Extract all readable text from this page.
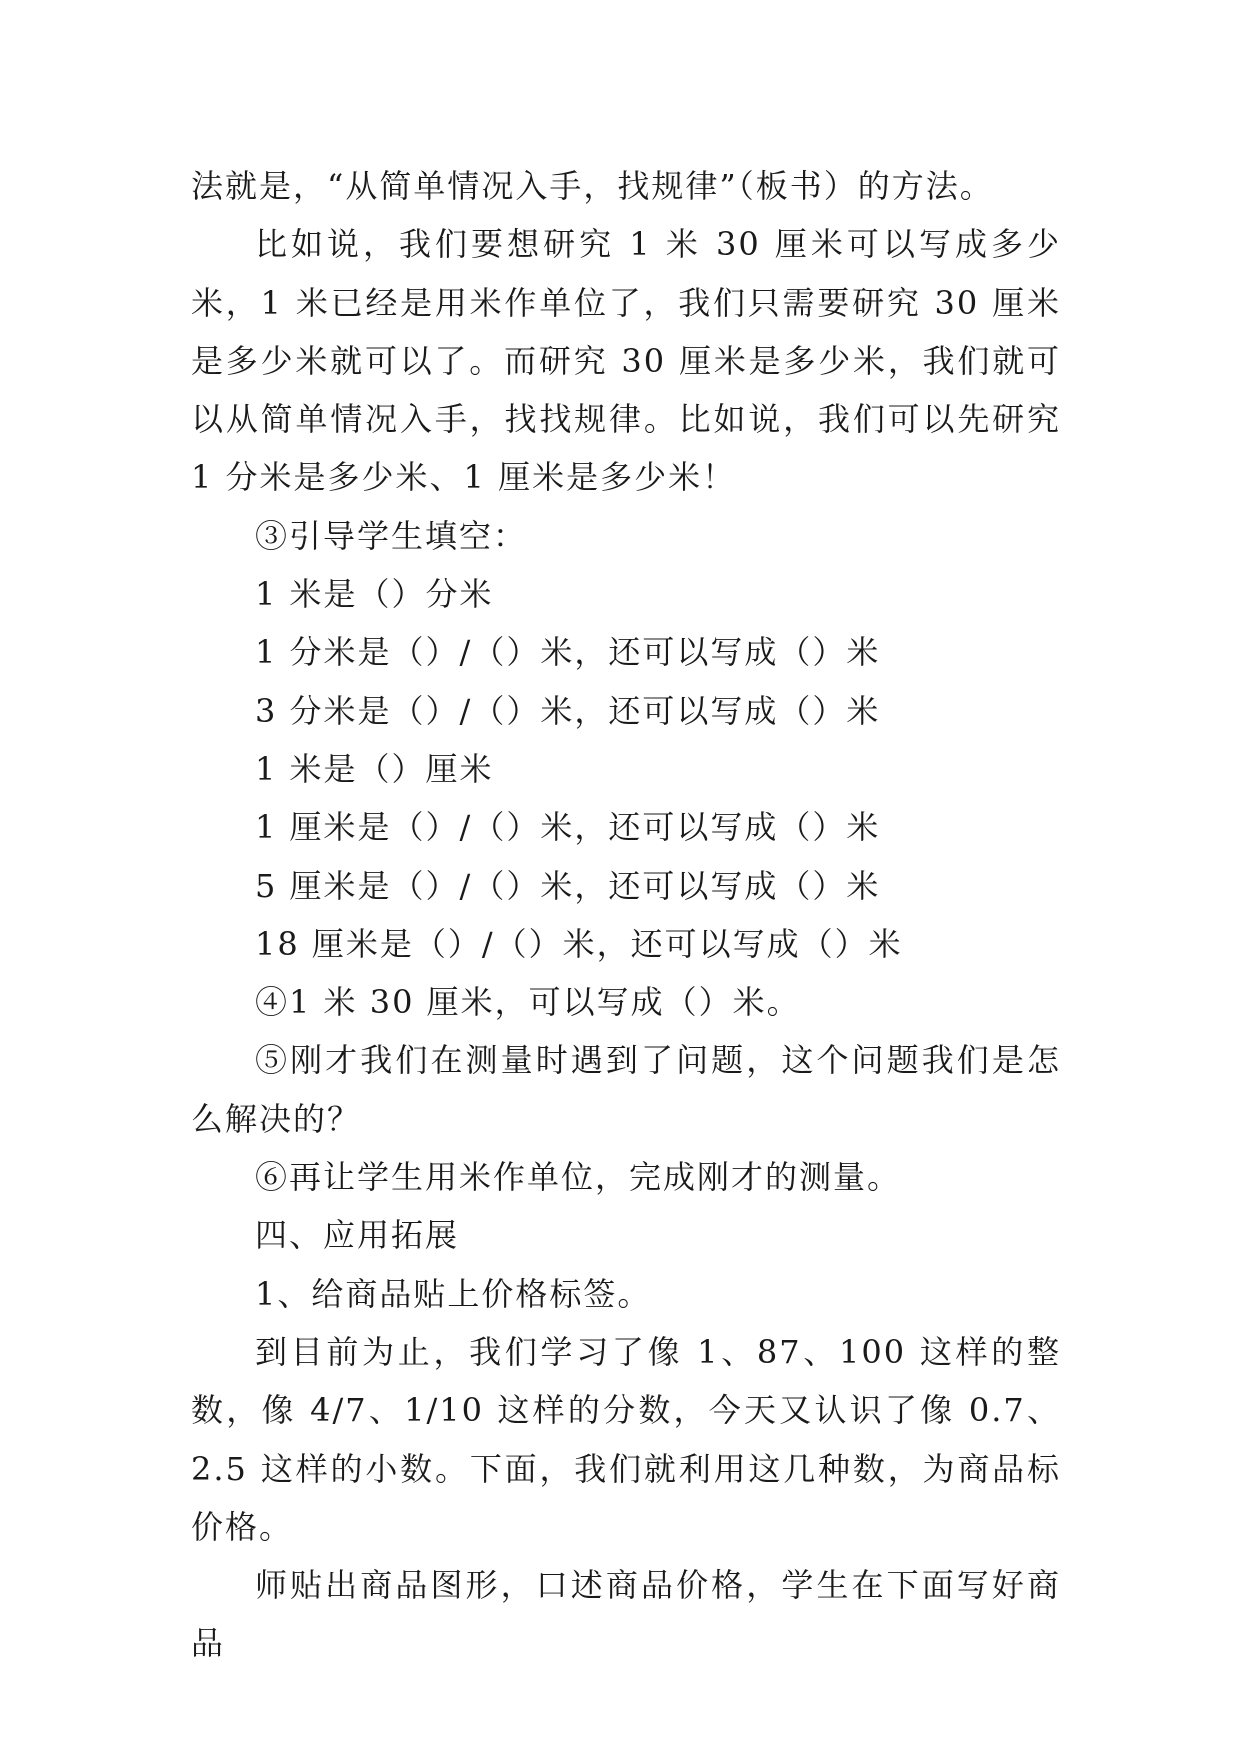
法就是，“从简单情况入手，找规律”（板书）的方法。

比如说，我们要想研究 1 米 30 厘米可以写成多少米，1 米已经是用米作单位了，我们只需要研究 30 厘米是多少米就可以了。而研究 30 厘米是多少米，我们就可以从简单情况入手，找找规律。比如说，我们可以先研究 1 分米是多少米、1 厘米是多少米！

③引导学生填空：

1 米是（）分米

1 分米是（）/（）米，还可以写成（）米

3 分米是（）/（）米，还可以写成（）米

1 米是（）厘米

1 厘米是（）/（）米，还可以写成（）米

5 厘米是（）/（）米，还可以写成（）米

18 厘米是（）/（）米，还可以写成（）米

④1 米 30 厘米，可以写成（）米。

⑤刚才我们在测量时遇到了问题，这个问题我们是怎么解决的？

⑥再让学生用米作单位，完成刚才的测量。

四、应用拓展

1、给商品贴上价格标签。

到目前为止，我们学习了像 1、87、100 这样的整数，像 4/7、1/10 这样的分数，今天又认识了像 0.7、2.5 这样的小数。下面，我们就利用这几种数，为商品标价格。

师贴出商品图形，口述商品价格，学生在下面写好商品
